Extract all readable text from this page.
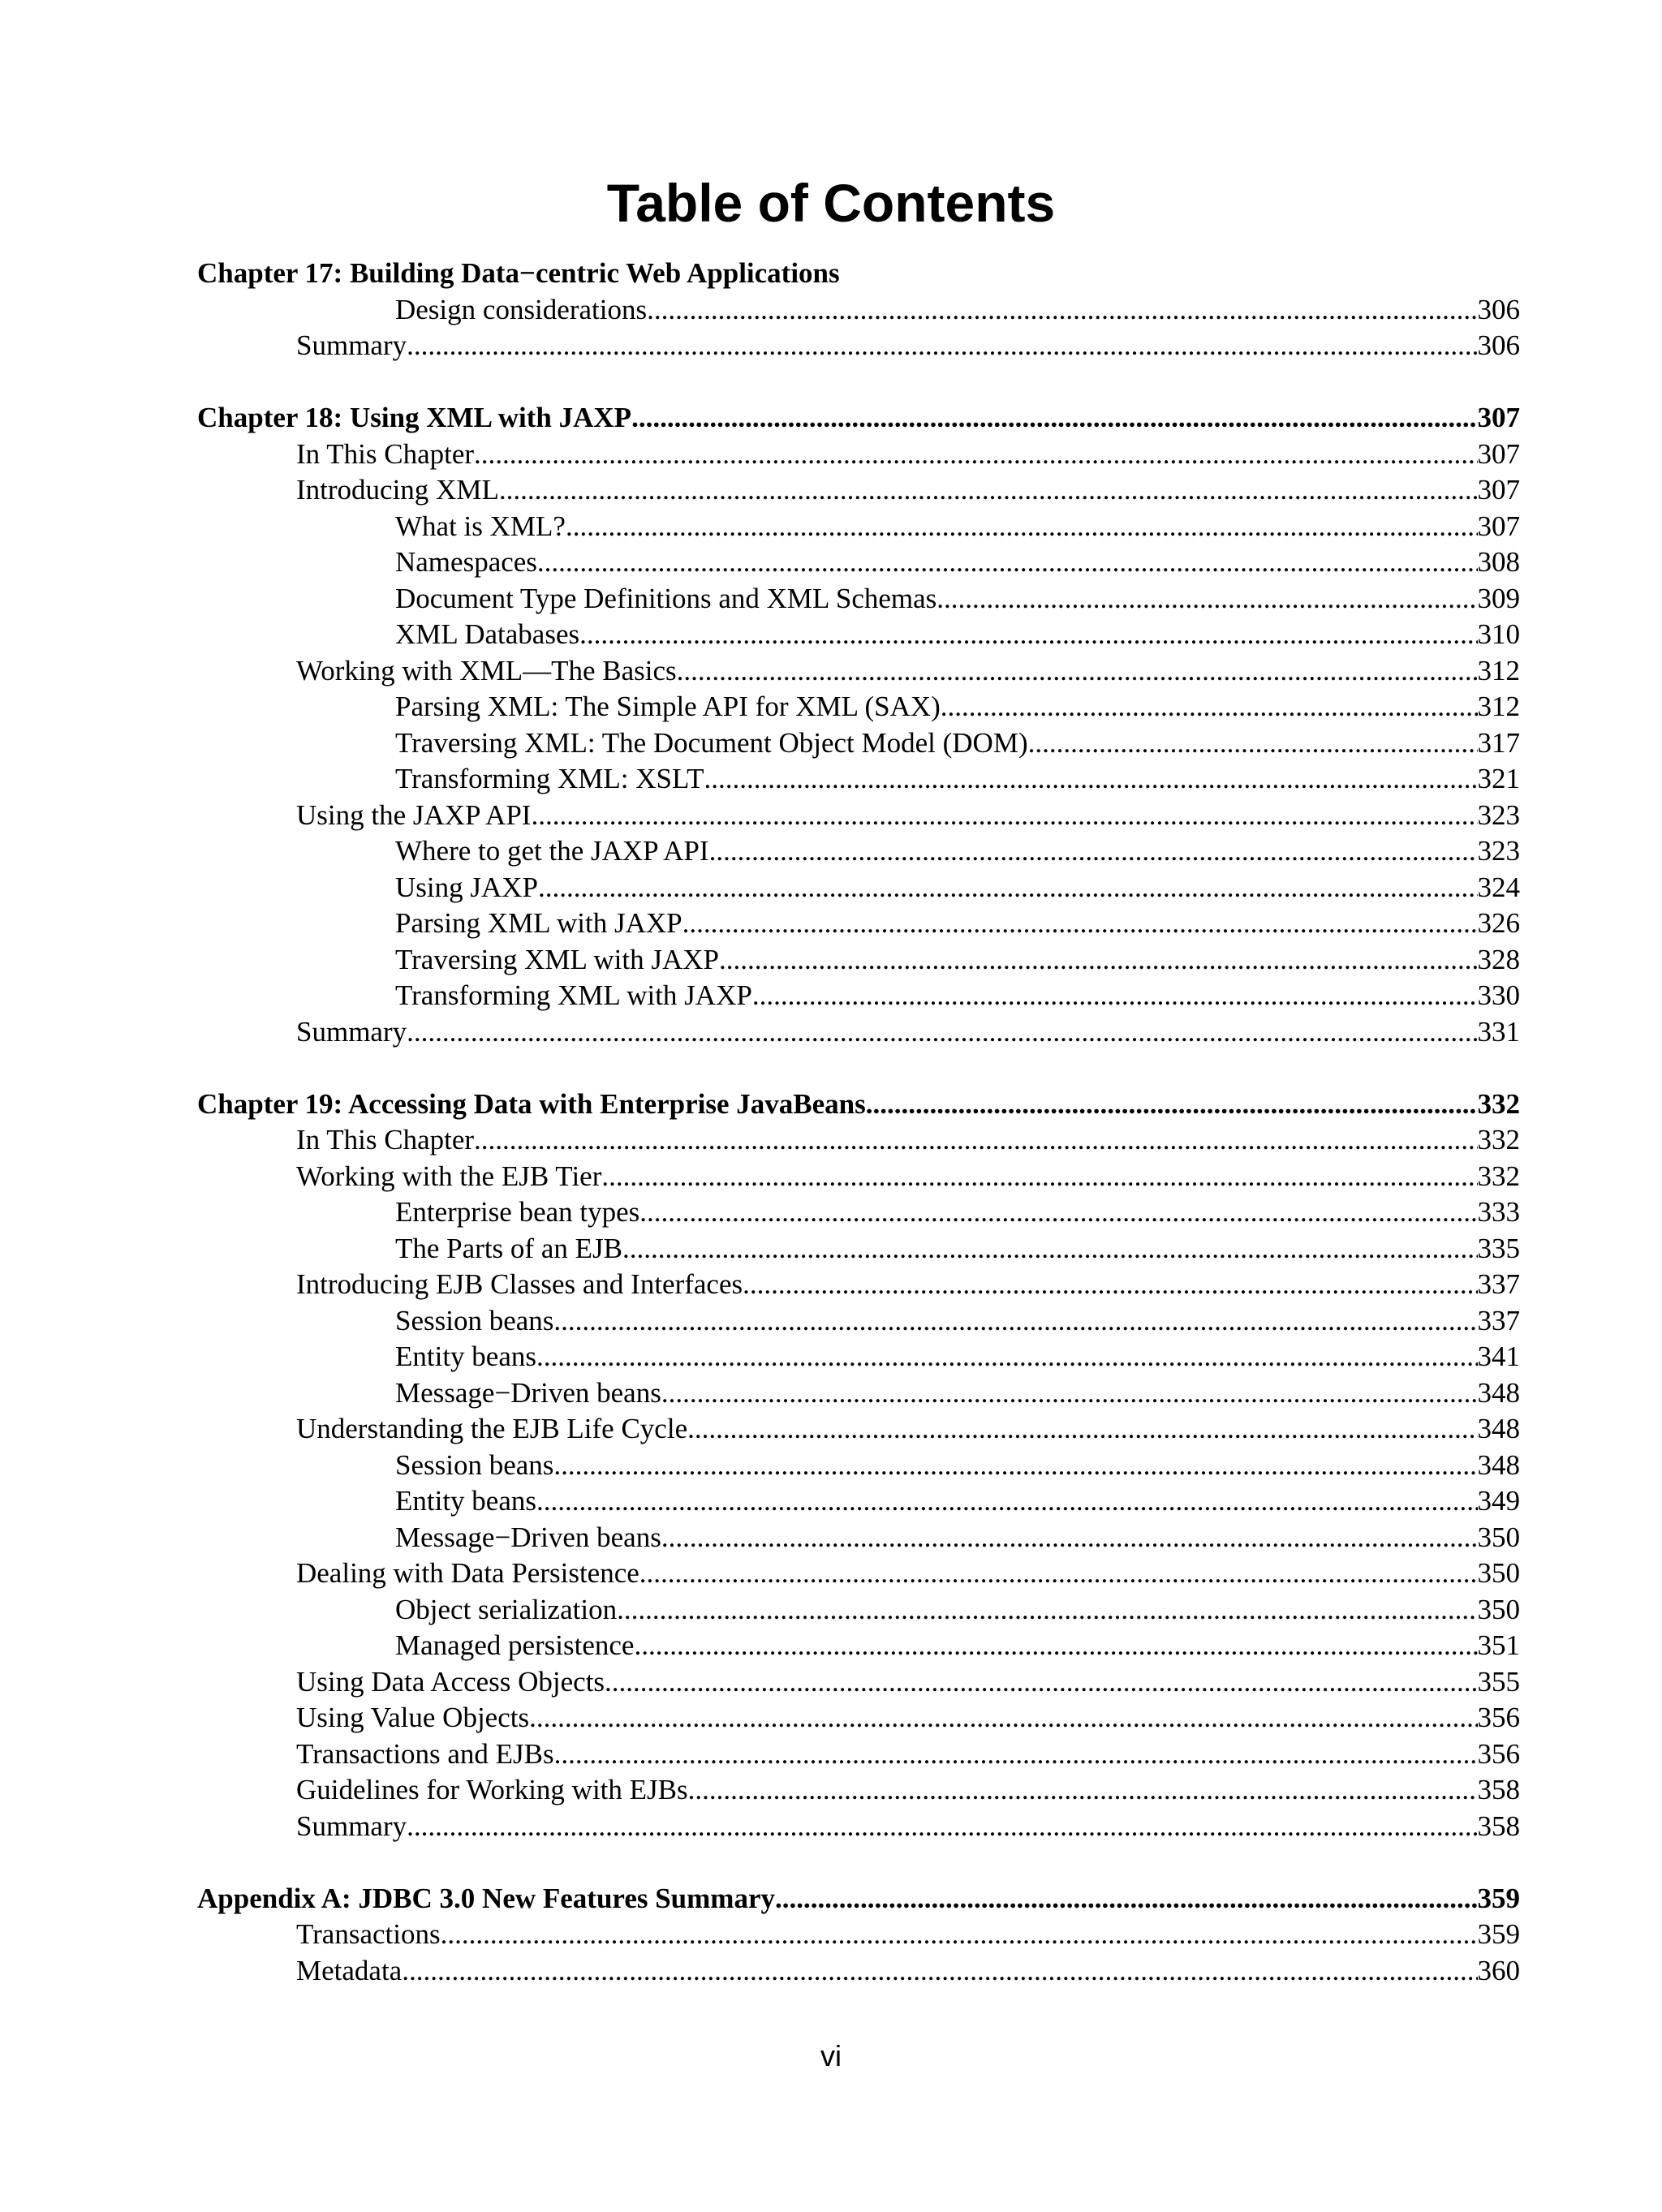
Table of Contents
Chapter 17: Building Data−centric Web Applications
Design considerations .....	306
Summary .....	306
Chapter 18: Using XML with JAXP .....	307
In This Chapter .....	307
Introducing XML .....	307
What is XML? .....	307
Namespaces .....	308
Document Type Definitions and XML Schemas .....	309
XML Databases .....	310
Working with XML—The Basics .....	312
Parsing XML: The Simple API for XML (SAX) .....	312
Traversing XML: The Document Object Model (DOM) .....	317
Transforming XML: XSLT .....	321
Using the JAXP API .....	323
Where to get the JAXP API .....	323
Using JAXP .....	324
Parsing XML with JAXP .....	326
Traversing XML with JAXP .....	328
Transforming XML with JAXP .....	330
Summary .....	331
Chapter 19: Accessing Data with Enterprise JavaBeans .....	332
In This Chapter .....	332
Working with the EJB Tier .....	332
Enterprise bean types .....	333
The Parts of an EJB .....	335
Introducing EJB Classes and Interfaces .....	337
Session beans .....	337
Entity beans .....	341
Message−Driven beans .....	348
Understanding the EJB Life Cycle .....	348
Session beans .....	348
Entity beans .....	349
Message−Driven beans .....	350
Dealing with Data Persistence .....	350
Object serialization .....	350
Managed persistence .....	351
Using Data Access Objects .....	355
Using Value Objects .....	356
Transactions and EJBs .....	356
Guidelines for Working with EJBs .....	358
Summary .....	358
Appendix A: JDBC 3.0 New Features Summary .....	359
Transactions .....	359
Metadata .....	360
vi
